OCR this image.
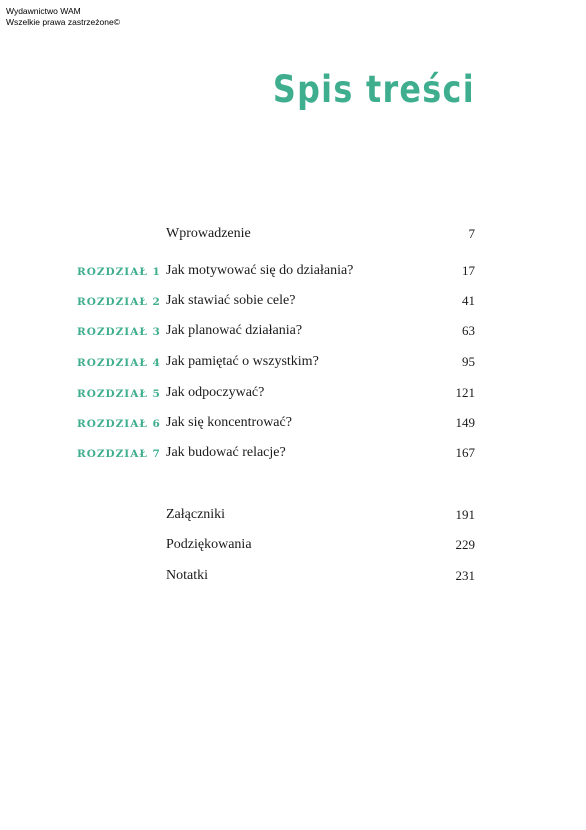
Wydawnictwo WAM
Wszelkie prawa zastrzeżone©
Spis treści
Wprowadzenie	7
ROZDZIAŁ 1 Jak motywować się do działania?	17
ROZDZIAŁ 2 Jak stawiać sobie cele?	41
ROZDZIAŁ 3 Jak planować działania?	63
ROZDZIAŁ 4 Jak pamiętać o wszystkim?	95
ROZDZIAŁ 5 Jak odpoczywać?	121
ROZDZIAŁ 6 Jak się koncentrować?	149
ROZDZIAŁ 7 Jak budować relacje?	167
Załączniki	191
Podziękowania	229
Notatki	231
